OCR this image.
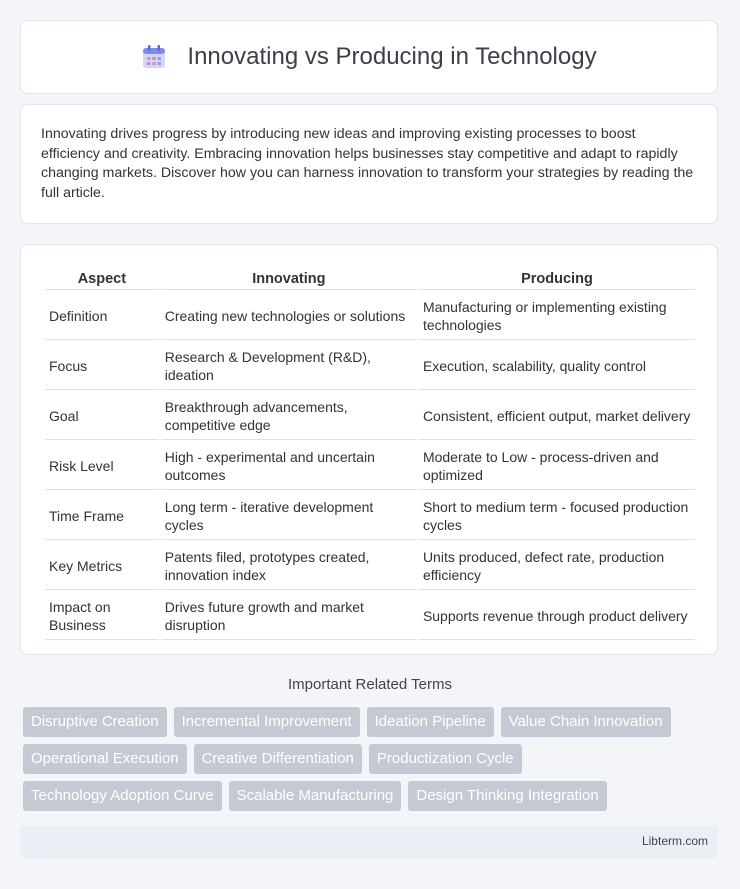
Innovating vs Producing in Technology

Innovating drives progress by introducing new ideas and improving existing processes to boost efficiency and creativity. Embracing innovation helps businesses stay competitive and adapt to rapidly changing markets. Discover how you can harness innovation to transform your strategies by reading the full article.

Aspect	Innovating	Producing
Definition	Creating new technologies or solutions	Manufacturing or implementing existing technologies
Focus	Research & Development (R&D), ideation	Execution, scalability, quality control
Goal	Breakthrough advancements, competitive edge	Consistent, efficient output, market delivery
Risk Level	High - experimental and uncertain outcomes	Moderate to Low - process-driven and optimized
Time Frame	Long term - iterative development cycles	Short to medium term - focused production cycles
Key Metrics	Patents filed, prototypes created, innovation index	Units produced, defect rate, production efficiency
Impact on Business	Drives future growth and market disruption	Supports revenue through product delivery
Important Related Terms
Disruptive Creation	Incremental Improvement	Ideation Pipeline	Value Chain Innovation
Operational Execution	Creative Differentiation	Productization Cycle
Technology Adoption Curve	Scalable Manufacturing	Design Thinking Integration
Libterm.com
